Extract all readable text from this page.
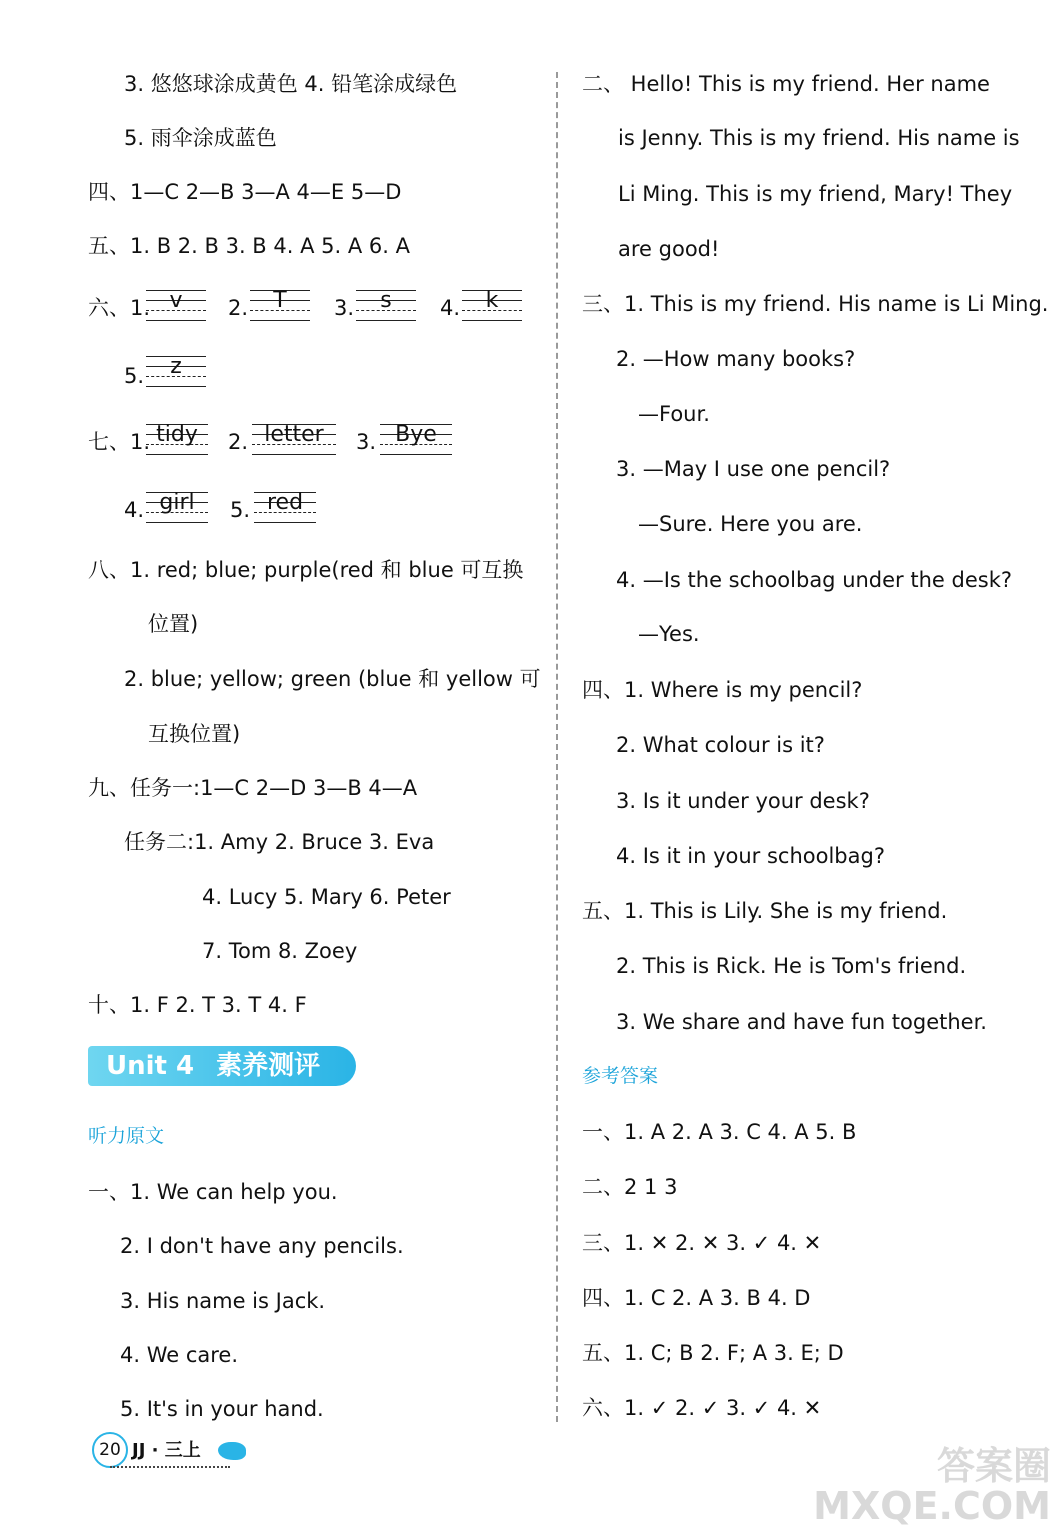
3. 悠悠球涂成黄色 4. 铅笔涂成绿色
5. 雨伞涂成蓝色
四、1—C 2—B 3—A 4—E 5—D
五、1. B 2. B 3. B 4. A 5. A 6. A
六、1. v	2.	T	3.	s	4.	k
5.	z
七、1. tidy	2. letter	3. Bye
4. girl	5. red
八、1. red; blue; purple(red 和 blue 可互换
位置)
2. blue; yellow; green (blue 和 yellow 可
互换位置)
九、任务一:1—C 2—D 3—B 4—A
任务二:1. Amy 2. Bruce 3. Eva
4. Lucy 5. Mary 6. Peter
7. Tom 8. Zoey
十、1. F 2. T 3. T 4. F
Unit 4 素养测评
听力原文
一、1. We can help you.
2. I don't have any pencils.
3. His name is Jack.
4. We care.
5. It's in your hand.
二、 Hello! This is my friend. Her name
is Jenny. This is my friend. His name is
Li Ming. This is my friend, Mary! They
are good!
三、1. This is my friend. His name is Li Ming.
2. —How many books?
—Four.
3. —May I use one pencil?
—Sure. Here you are.
4. —Is the schoolbag under the desk?
—Yes.
四、1. Where is my pencil?
2. What colour is it?
3. Is it under your desk?
4. Is it in your schoolbag?
五、1. This is Lily. She is my friend.
2. This is Rick. He is Tom's friend.
3. We share and have fun together.
参考答案
一、1. A 2. A 3. C 4. A 5. B
二、2 1 3
三、1. ✕ 2. ✕ 3. ✓ 4. ✕
四、1. C 2. A 3. B 4. D
五、1. C; B 2. F; A 3. E; D
六、1. ✓ 2. ✓ 3. ✓ 4. ✕
20 JJ · 三上	答案圈
MXQE.COM
